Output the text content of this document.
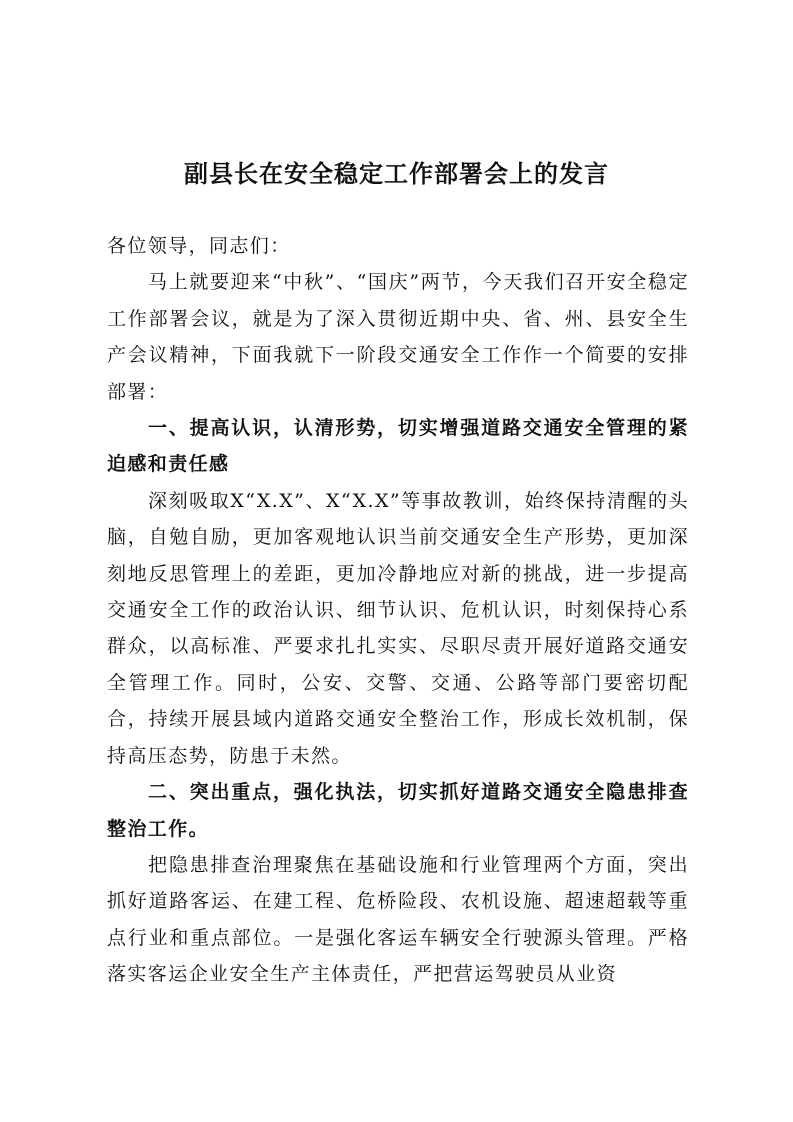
副县长在安全稳定工作部署会上的发言

各位领导，同志们：

马上就要迎来“中秋”、“国庆”两节，今天我们召开安全稳定工作部署会议，就是为了深入贯彻近期中央、省、州、县安全生产会议精神，下面我就下一阶段交通安全工作作一个简要的安排部署：

一、提高认识，认清形势，切实增强道路交通安全管理的紧迫感和责任感

深刻吸取X“X.X”、X“X.X”等事故教训，始终保持清醒的头脑，自勉自励，更加客观地认识当前交通安全生产形势，更加深刻地反思管理上的差距，更加冷静地应对新的挑战，进一步提高交通安全工作的政治认识、细节认识、危机认识，时刻保持心系群众，以高标准、严要求扎扎实实、尽职尽责开展好道路交通安全管理工作。同时，公安、交警、交通、公路等部门要密切配合，持续开展县域内道路交通安全整治工作，形成长效机制，保持高压态势，防患于未然。

二、突出重点，强化执法，切实抓好道路交通安全隐患排查整治工作。

把隐患排查治理聚焦在基础设施和行业管理两个方面，突出抓好道路客运、在建工程、危桥险段、农机设施、超速超载等重点行业和重点部位。一是强化客运车辆安全行驶源头管理。严格落实客运企业安全生产主体责任，严把营运驾驶员从业资
